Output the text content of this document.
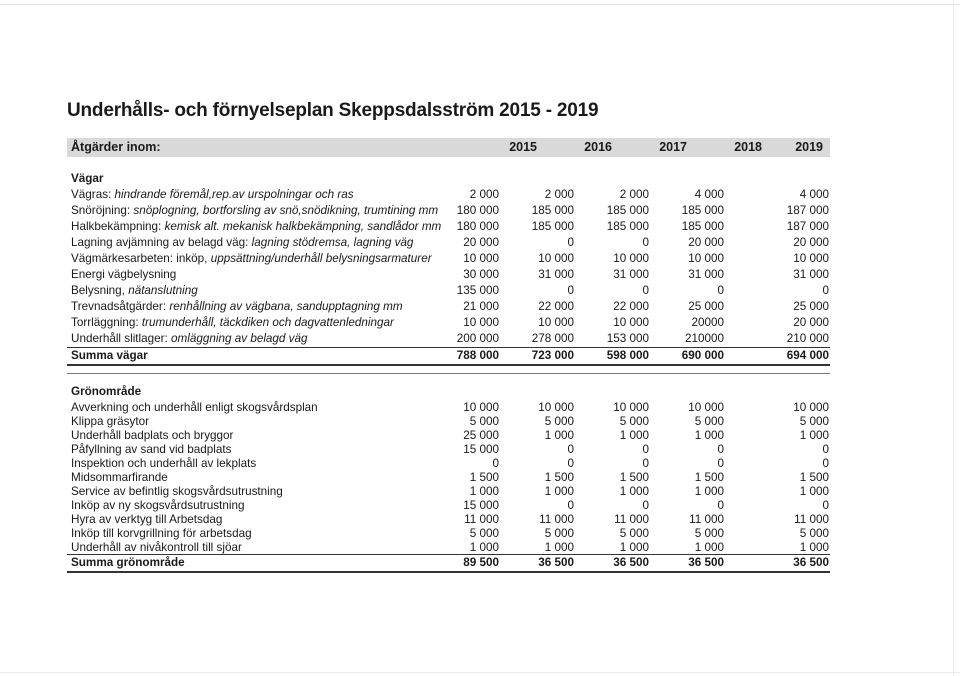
Underhålls- och förnyelseplan Skeppsdalsström 2015 - 2019
Åtgärder inom:	2015	2016	2017	2018	2019
Vägar
Vägras: hindrande föremål,rep.av urspolningar och ras	2 000	2 000	2 000	4 000	4 000
Snöröjning: snöplogning, bortforsling av snö,snödikning, trumtining mm	180 000	185 000	185 000	185 000	187 000
Halkbekämpning: kemisk alt. mekanisk halkbekämpning, sandlådor mm	180 000	185 000	185 000	185 000	187 000
Lagning avjämning av belagd väg: lagning stödremsa, lagning väg	20 000	0	0	20 000	20 000
Vägmärkesarbeten: inköp, uppsättning/underhåll belysningsarmaturer	10 000	10 000	10 000	10 000	10 000
Energi vägbelysning	30 000	31 000	31 000	31 000	31 000
Belysning, nätanslutning	135 000	0	0	0	0
Trevnadsåtgärder: renhållning av vägbana, sandupptagning mm	21 000	22 000	22 000	25 000	25 000
Torrläggning: trumunderhåll, täckdiken och dagvattenledningar	10 000	10 000	10 000	20000	20 000
Underhåll slitlager: omläggning av belagd väg	200 000	278 000	153 000	210000	210 000
Summa vägar	788 000	723 000	598 000	690 000	694 000
Grönområde
Avverkning och underhåll enligt skogsvårdsplan	10 000	10 000	10 000	10 000	10 000
Klippa gräsytor	5 000	5 000	5 000	5 000	5 000
Underhåll badplats och bryggor	25 000	1 000	1 000	1 000	1 000
Påfyllning av sand vid badplats	15 000	0	0	0	0
Inspektion och underhåll av lekplats	0	0	0	0	0
Midsommarfirande	1 500	1 500	1 500	1 500	1 500
Service av befintlig skogsvårdsutrustning	1 000	1 000	1 000	1 000	1 000
Inköp av ny skogsvårdsutrustning	15 000	0	0	0	0
Hyra av verktyg till Arbetsdag	11 000	11 000	11 000	11 000	11 000
Inköp till korvgrillning för arbetsdag	5 000	5 000	5 000	5 000	5 000
Underhåll av nivåkontroll till sjöar	1 000	1 000	1 000	1 000	1 000
Summa grönområde	89 500	36 500	36 500	36 500	36 500
